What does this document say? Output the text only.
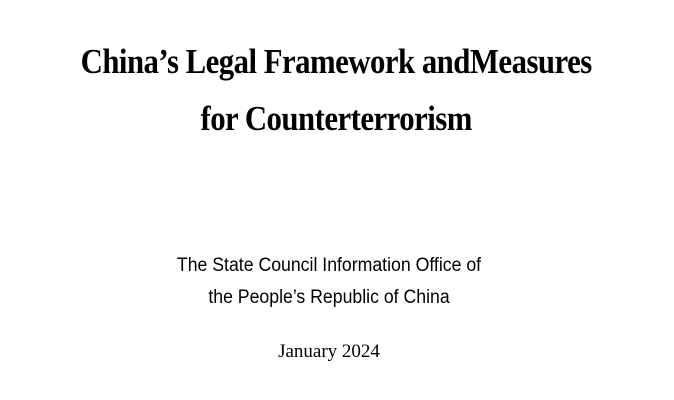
China’s Legal Framework andMeasures
for Counterterrorism

The State Council Information Office of

the People’s Republic of China

January 2024
